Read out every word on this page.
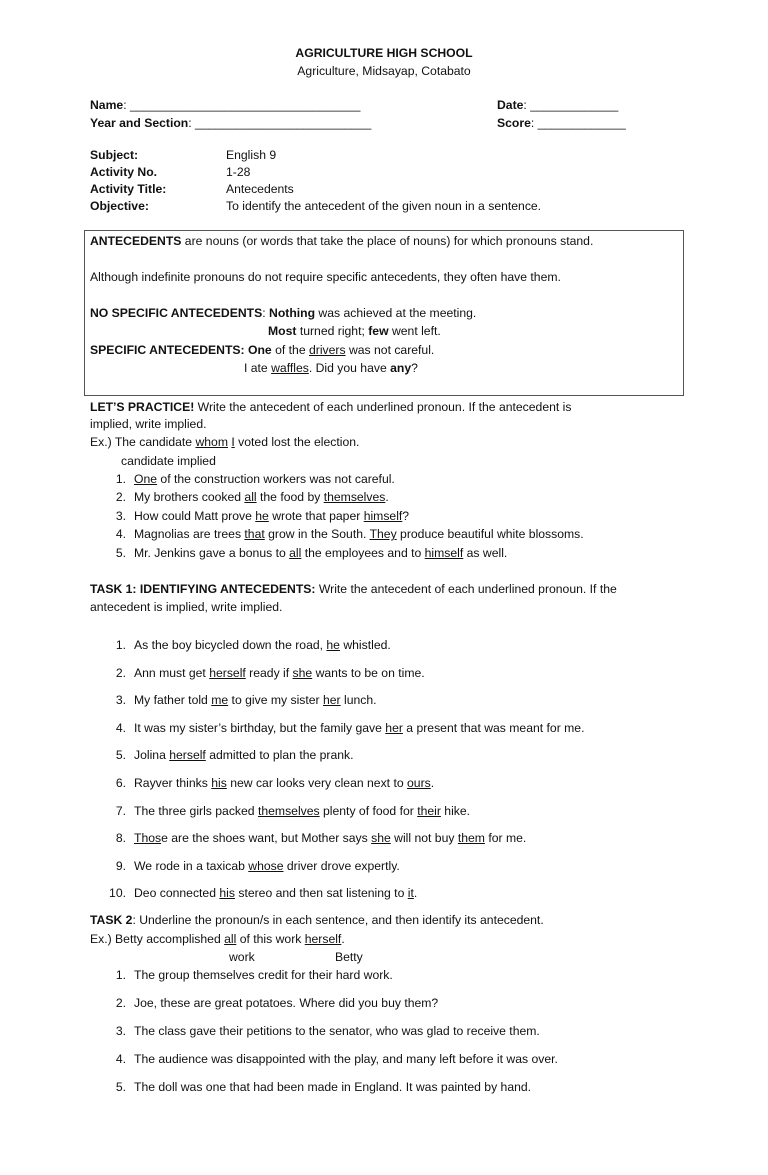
AGRICULTURE HIGH SCHOOL
Agriculture, Midsayap, Cotabato
Name: __________________________________
Year and Section: __________________________
Date: _____________
Score: _____________
Subject:	English 9
Activity No.	1-28
Activity Title:	Antecedents
Objective:	To identify the antecedent of the given noun in a sentence.
ANTECEDENTS are nouns (or words that take the place of nouns) for which pronouns stand.
Although indefinite pronouns do not require specific antecedents, they often have them.
NO SPECIFIC ANTECEDENTS: Nothing was achieved at the meeting.
Most turned right; few went left.
SPECIFIC ANTECEDENTS: One of the drivers was not careful.
I ate waffles. Did you have any?
LET’S PRACTICE! Write the antecedent of each underlined pronoun. If the antecedent is
implied, write implied.
Ex.) The candidate whom I voted lost the election.
candidate implied
1. One of the construction workers was not careful.
2. My brothers cooked all the food by themselves.
3. How could Matt prove he wrote that paper himself?
4. Magnolias are trees that grow in the South. They produce beautiful white blossoms.
5. Mr. Jenkins gave a bonus to all the employees and to himself as well.
TASK 1: IDENTIFYING ANTECEDENTS: Write the antecedent of each underlined pronoun. If the
antecedent is implied, write implied.
1. As the boy bicycled down the road, he whistled.
2. Ann must get herself ready if she wants to be on time.
3. My father told me to give my sister her lunch.
4. It was my sister’s birthday, but the family gave her a present that was meant for me.
5. Jolina herself admitted to plan the prank.
6. Rayver thinks his new car looks very clean next to ours.
7. The three girls packed themselves plenty of food for their hike.
8. Those are the shoes want, but Mother says she will not buy them for me.
9. We rode in a taxicab whose driver drove expertly.
10. Deo connected his stereo and then sat listening to it.
TASK 2: Underline the pronoun/s in each sentence, and then identify its antecedent.
Ex.) Betty accomplished all of this work herself.
work	Betty
1. The group themselves credit for their hard work.
2. Joe, these are great potatoes. Where did you buy them?
3. The class gave their petitions to the senator, who was glad to receive them.
4. The audience was disappointed with the play, and many left before it was over.
5. The doll was one that had been made in England. It was painted by hand.
